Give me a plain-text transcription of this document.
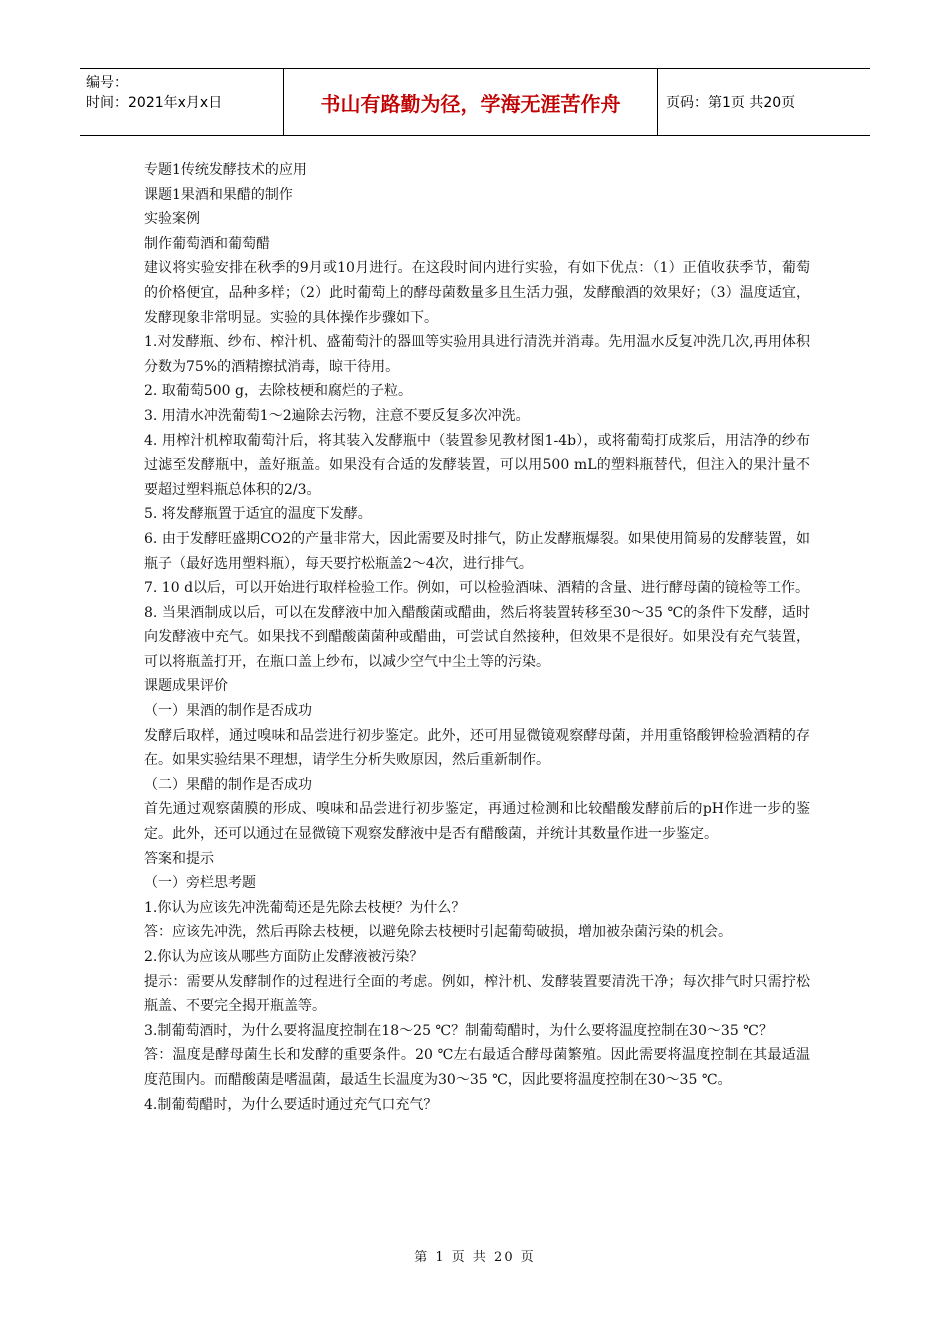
编号：
时间：2021年x月x日	书山有路勤为径，学海无涯苦作舟	页码：第1页 共20页

专题1传统发酵技术的应用

课题1果酒和果醋的制作

实验案例

制作葡萄酒和葡萄醋

建议将实验安排在秋季的9月或10月进行。在这段时间内进行实验，有如下优点：（1）正值收获季节，葡萄的价格便宜，品种多样；（2）此时葡萄上的酵母菌数量多且生活力强，发酵酿酒的效果好；（3）温度适宜，发酵现象非常明显。实验的具体操作步骤如下。

1.对发酵瓶、纱布、榨汁机、盛葡萄汁的器皿等实验用具进行清洗并消毒。先用温水反复冲洗几次,再用体积分数为75%的酒精擦拭消毒，晾干待用。

2. 取葡萄500 g，去除枝梗和腐烂的子粒。

3. 用清水冲洗葡萄1～2遍除去污物，注意不要反复多次冲洗。

4. 用榨汁机榨取葡萄汁后，将其装入发酵瓶中（装置参见教材图1-4b），或将葡萄打成浆后，用洁净的纱布过滤至发酵瓶中，盖好瓶盖。如果没有合适的发酵装置，可以用500 mL的塑料瓶替代，但注入的果汁量不要超过塑料瓶总体积的2/3。

5. 将发酵瓶置于适宜的温度下发酵。

6. 由于发酵旺盛期CO2的产量非常大，因此需要及时排气，防止发酵瓶爆裂。如果使用简易的发酵装置，如瓶子（最好选用塑料瓶），每天要拧松瓶盖2～4次，进行排气。

7. 10 d以后，可以开始进行取样检验工作。例如，可以检验酒味、酒精的含量、进行酵母菌的镜检等工作。

8. 当果酒制成以后，可以在发酵液中加入醋酸菌或醋曲，然后将装置转移至30～35 ℃的条件下发酵，适时向发酵液中充气。如果找不到醋酸菌菌种或醋曲，可尝试自然接种，但效果不是很好。如果没有充气装置，可以将瓶盖打开，在瓶口盖上纱布，以减少空气中尘土等的污染。

课题成果评价

（一）果酒的制作是否成功

发酵后取样，通过嗅味和品尝进行初步鉴定。此外，还可用显微镜观察酵母菌，并用重铬酸钾检验酒精的存在。如果实验结果不理想，请学生分析失败原因，然后重新制作。

（二）果醋的制作是否成功

首先通过观察菌膜的形成、嗅味和品尝进行初步鉴定，再通过检测和比较醋酸发酵前后的pH作进一步的鉴定。此外，还可以通过在显微镜下观察发酵液中是否有醋酸菌，并统计其数量作进一步鉴定。

答案和提示

（一）旁栏思考题

1.你认为应该先冲洗葡萄还是先除去枝梗？为什么？

答：应该先冲洗，然后再除去枝梗，以避免除去枝梗时引起葡萄破损，增加被杂菌污染的机会。

2.你认为应该从哪些方面防止发酵液被污染？

提示：需要从发酵制作的过程进行全面的考虑。例如，榨汁机、发酵装置要清洗干净；每次排气时只需拧松瓶盖、不要完全揭开瓶盖等。

3.制葡萄酒时，为什么要将温度控制在18～25 ℃？制葡萄醋时，为什么要将温度控制在30～35 ℃？

答：温度是酵母菌生长和发酵的重要条件。20 ℃左右最适合酵母菌繁殖。因此需要将温度控制在其最适温度范围内。而醋酸菌是嗜温菌，最适生长温度为30～35 ℃，因此要将温度控制在30～35 ℃。

4.制葡萄醋时，为什么要适时通过充气口充气？

第 1 页 共 20 页
